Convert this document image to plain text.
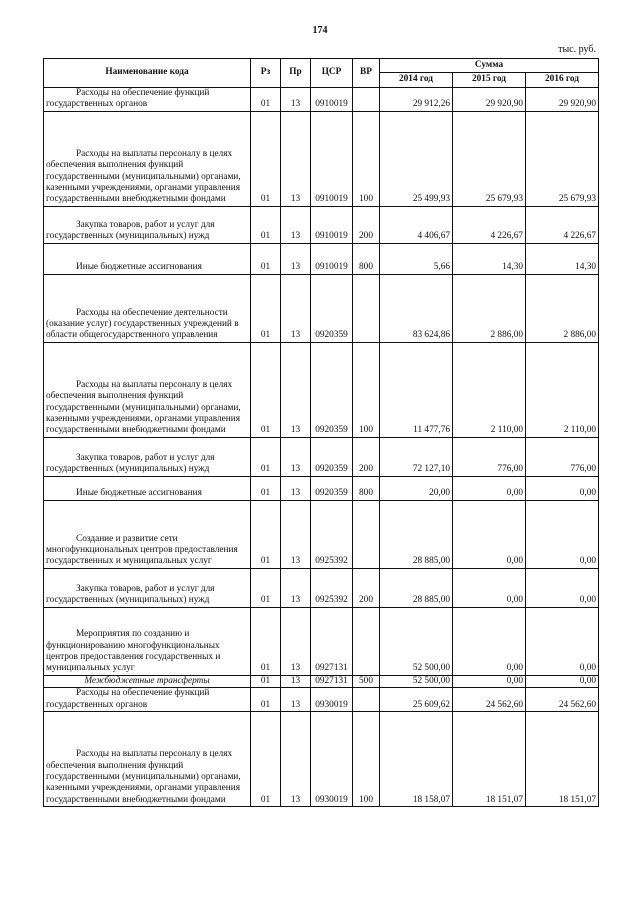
174
тыс. руб.
Наименование кода	Рз	Пр	ЦСР	ВР	Сумма		
					2014 год	2015 год	2016 год

Расходы на обеспечение функций государственных органов	01	13	0910019		29 912,26	29 920,90	29 920,90

Расходы на выплаты персоналу в целях обеспечения выполнения функций государственными (муниципальными) органами, казенными учреждениями, органами управления государственными внебюджетными фондами	01	13	0910019	100	25 499,93	25 679,93	25 679,93

Закупка товаров, работ и услуг для государственных (муниципальных) нужд	01	13	0910019	200	4 406,67	4 226,67	4 226,67

Иные бюджетные ассигнования	01	13	0910019	800	5,66	14,30	14,30

Расходы на обеспечение деятельности (оказание услуг) государственных учреждений в области общегосударственного управления	01	13	0920359		83 624,86	2 886,00	2 886,00

Расходы на выплаты персоналу в целях обеспечения выполнения функций государственными (муниципальными) органами, казенными учреждениями, органами управления государственными внебюджетными фондами	01	13	0920359	100	11 477,76	2 110,00	2 110,00

Закупка товаров, работ и услуг для государственных (муниципальных) нужд	01	13	0920359	200	72 127,10	776,00	776,00

Иные бюджетные ассигнования	01	13	0920359	800	20,00	0,00	0,00

Создание и развитие сети многофункциональных центров предоставления государственных и муниципальных услуг	01	13	0925392		28 885,00	0,00	0,00

Закупка товаров, работ и услуг для государственных (муниципальных) нужд	01	13	0925392	200	28 885,00	0,00	0,00

Мероприятия по созданию и функционированию многофункциональных центров предоставления государственных и муниципальных услуг	01	13	0927131		52 500,00	0,00	0,00
Межбюджетные трансферты	01	13	0927131	500	52 500,00	0,00	0,00

Расходы на обеспечение функций государственных органов	01	13	0930019		25 609,62	24 562,60	24 562,60

Расходы на выплаты персоналу в целях обеспечения выполнения функций государственными (муниципальными) органами, казенными учреждениями, органами управления государственными внебюджетными фондами	01	13	0930019	100	18 158,07	18 151,07	18 151,07
